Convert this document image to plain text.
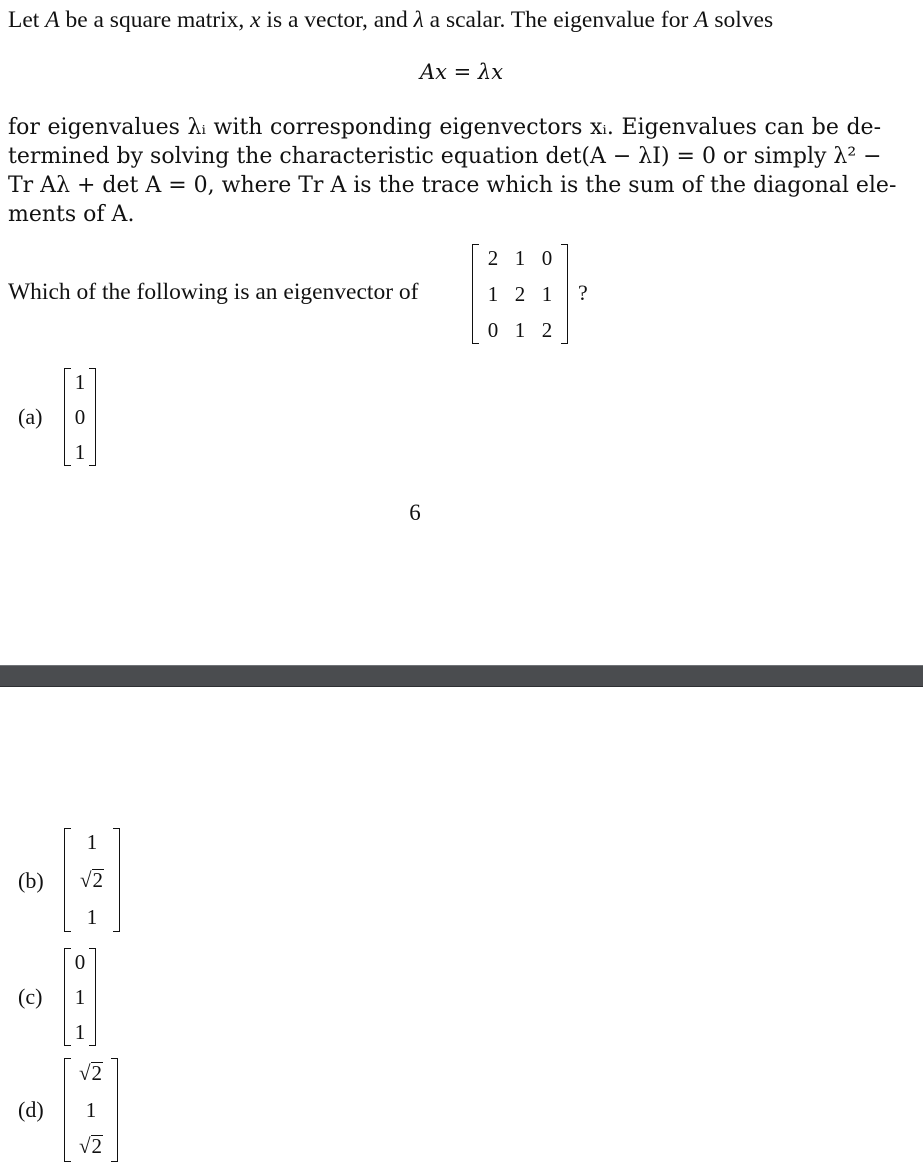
Let A be a square matrix, x is a vector, and λ a scalar. The eigenvalue for A solves
Ax = λx
for eigenvalues λᵢ with corresponding eigenvectors xᵢ. Eigenvalues can be de-
termined by solving the characteristic equation det(A − λI) = 0 or simply λ² −
Tr Aλ + det A = 0, where Tr A is the trace which is the sum of the diagonal ele-
ments of A.
Which of the following is an eigenvector of
2 1 0
1 2 1
0 1 2
?
(a)
1
0
1
6
(b)
1
√2
1
(c)
0
1
1
(d)
√2
1
√2
